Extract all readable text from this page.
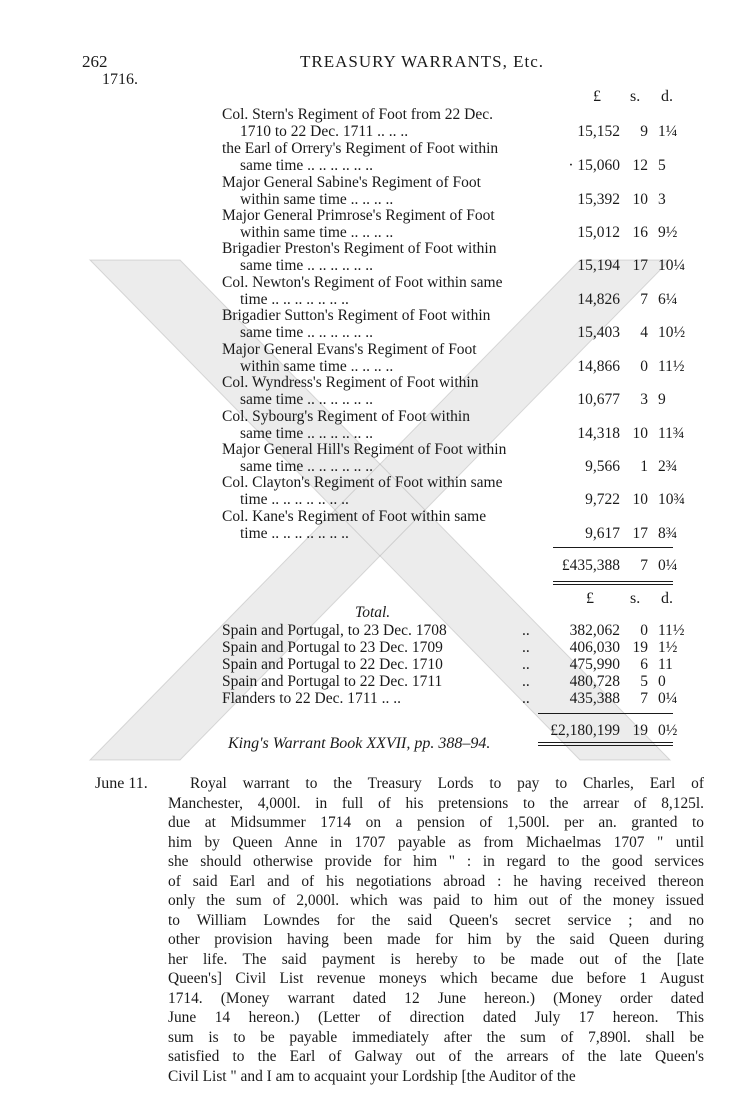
262	TREASURY WARRANTS, Etc.
1716.
£ s. d.
Col. Stern's Regiment of Foot from 22 Dec.
1710 to 22 Dec. 1711 .. .. ..	15,152	9 1¼
the Earl of Orrery's Regiment of Foot within
same time .. .. .. .. .. ..	· 15,060 12 5
Major General Sabine's Regiment of Foot
within same time .. .. .. ..	15,392 10 3
Major General Primrose's Regiment of Foot
within same time .. .. .. ..	15,012 16 9½
Brigadier Preston's Regiment of Foot within
same time .. .. .. .. .. ..	15,194 17 10¼
Col. Newton's Regiment of Foot within same
time .. .. .. .. .. .. ..	14,826	7 6¼
Brigadier Sutton's Regiment of Foot within
same time .. .. .. .. .. ..	15,403	4 10½
Major General Evans's Regiment of Foot
within same time .. .. .. ..	14,866	0 11½
Col. Wyndress's Regiment of Foot within
same time .. .. .. .. .. ..	10,677	3 9
Col. Sybourg's Regiment of Foot within
same time .. .. .. .. .. ..	14,318 10 11¾
Major General Hill's Regiment of Foot within
same time .. .. .. .. .. ..	9,566	1 2¾
Col. Clayton's Regiment of Foot within same
time .. .. .. .. .. .. ..	9,722 10 10¾
Col. Kane's Regiment of Foot within same
time .. .. .. .. .. .. ..	9,617 17 8¾
£435,388	7 0¼
£ s. d.
Total.
Spain and Portugal, to 23 Dec. 1708	..	382,062	0 11½
Spain and Portugal to 23 Dec. 1709	..	406,030 19 1½
Spain and Portugal to 22 Dec. 1710	..	475,990	6 11
Spain and Portugal to 22 Dec. 1711	..	480,728	5 0
Flanders to 22 Dec. 1711 .. ..	..	435,388	7 0¼
£2,180,199 19 0½
King's Warrant Book XXVII, pp. 388–94.
June 11.	Royal warrant to the Treasury Lords to pay to Charles, Earl of
Manchester, 4,000l. in full of his pretensions to the arrear of 8,125l.
due at Midsummer 1714 on a pension of 1,500l. per an. granted to
him by Queen Anne in 1707 payable as from Michaelmas 1707 " until
she should otherwise provide for him " : in regard to the good services
of said Earl and of his negotiations abroad : he having received thereon
only the sum of 2,000l. which was paid to him out of the money issued
to William Lowndes for the said Queen's secret service ; and no
other provision having been made for him by the said Queen during
her life. The said payment is hereby to be made out of the [late
Queen's] Civil List revenue moneys which became due before 1 August
1714. (Money warrant dated 12 June hereon.) (Money order dated
June 14 hereon.) (Letter of direction dated July 17 hereon. This
sum is to be payable immediately after the sum of 7,890l. shall be
satisfied to the Earl of Galway out of the arrears of the late Queen's
Civil List " and I am to acquaint your Lordship [the Auditor of the
